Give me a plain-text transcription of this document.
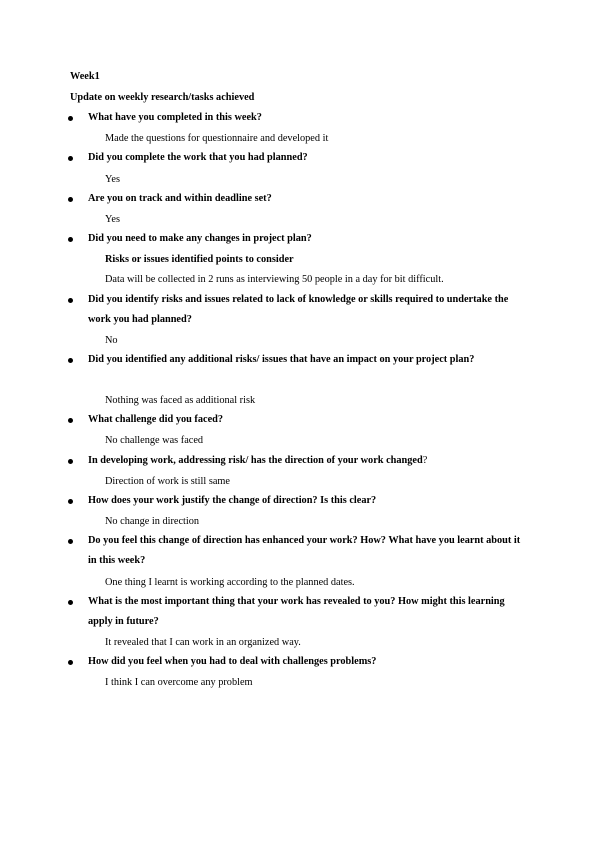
Week1
Update on weekly research/tasks achieved
What have you completed in this week?
Made the questions for questionnaire and developed it
Did you complete the work that you had planned?
Yes
Are you on track and within deadline set?
Yes
Did you need to make any changes in project plan?
Risks or issues identified points to consider
Data will be collected in 2 runs as interviewing 50 people in a day for bit difficult.
Did you identify risks and issues related to lack of knowledge or skills required to undertake the work you had planned?
No
Did you identified any additional risks/ issues that have an impact on your project plan?
Nothing was faced as additional risk
What challenge did you faced?
No challenge was faced
In developing work, addressing risk/ has the direction of your work changed?
Direction of work is still same
How does your work justify the change of direction? Is this clear?
No change in direction
Do you feel this change of direction has enhanced your work? How? What have you learnt about it in this week?
One thing I learnt is working according to the planned dates.
What is the most important thing that your work has revealed to you? How might this learning apply in future?
It revealed that I can work in an organized way.
How did you feel when you had to deal with challenges problems?
I think I can overcome any problem
